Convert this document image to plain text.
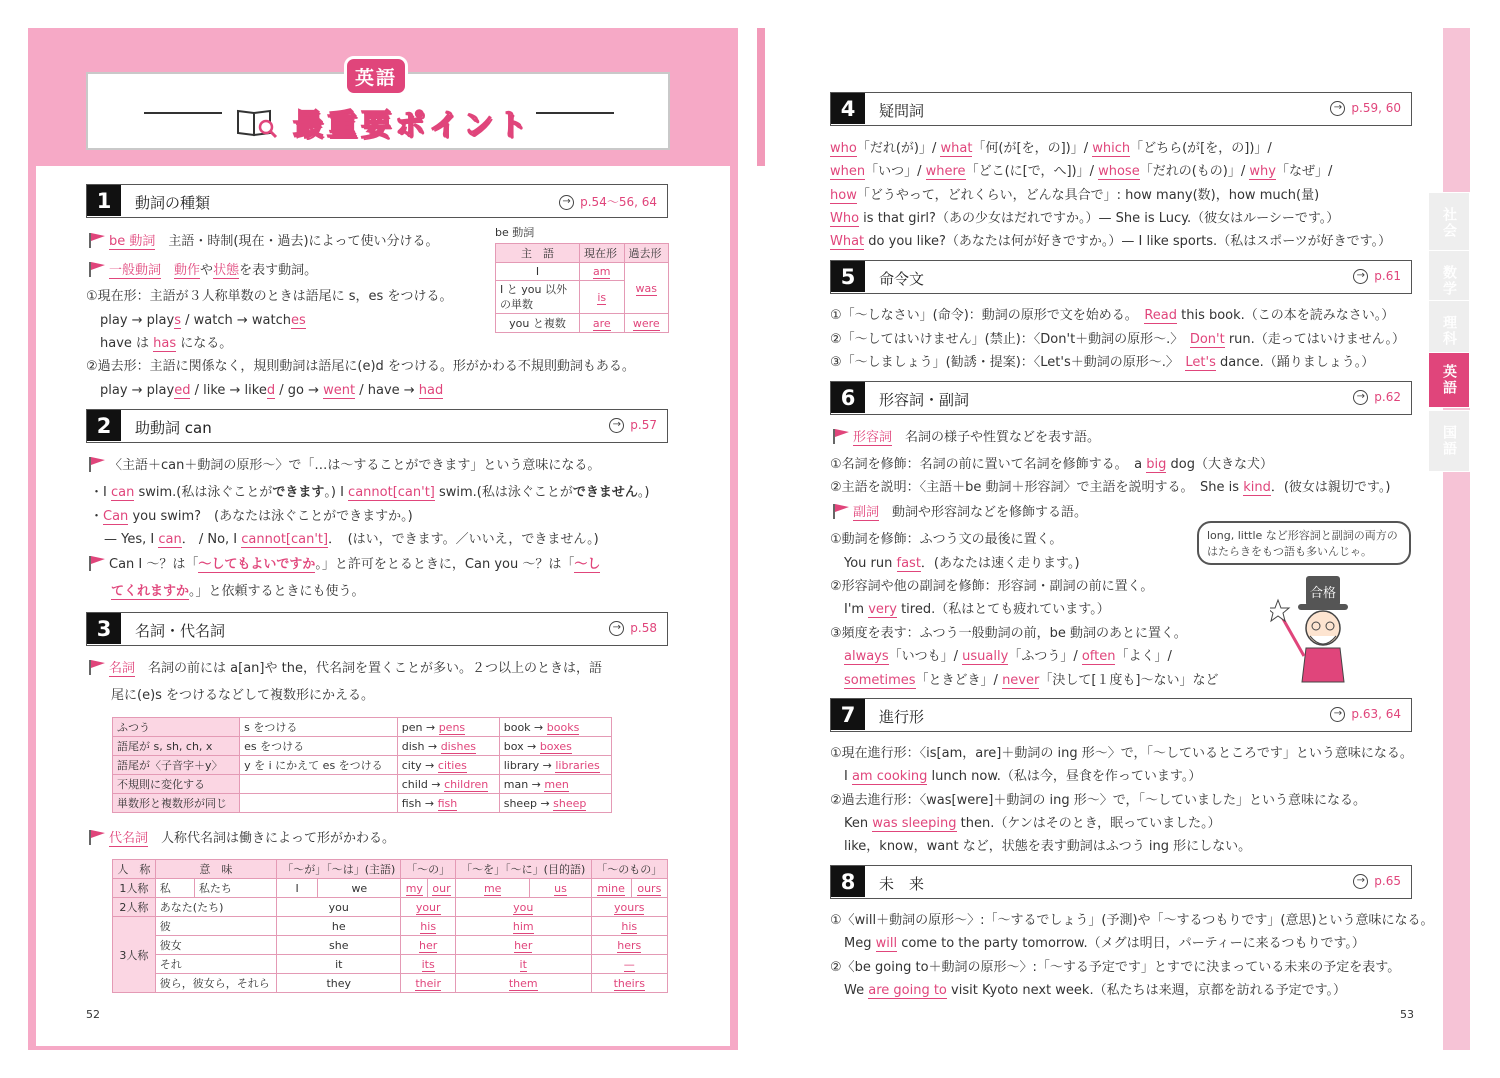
社会
数学
理科
英語
国語
最重要ポイント
英語
1	動詞の種類	→ p.54〜56, 64
be 動詞　 主語・時制(現在・過去)によって使い分ける。
一般動詞　 動作や状態を表す動詞。
①現在形：主語が３人称単数のときは語尾に s，es をつける。
play → plays / watch → watches
have は has になる。
②過去形：主語に関係なく，規則動詞は語尾に(e)d をつける。形がかわる不規則動詞もある。
play → played / like → liked / go → went / have → had
be 動詞
主　語	現在形	過去形
I	am	was
I と you 以外の単数	is	
you と複数	are	were
2	助動詞 can	→ p.57
〈主語＋can＋動詞の原形〜〉で「…は〜することができます」という意味になる。
・I can swim.(私は泳ぐことができます。) I cannot[can't] swim.(私は泳ぐことができません。)
・Can you swim?　(あなたは泳ぐことができますか。)
— Yes, I can． / No, I cannot[can't]．　(はい，できます。／いいえ，できません。)
Can I 〜？は「〜してもよいですか。」と許可をとるときに，Can you 〜？は「〜し
てくれますか。」と依頼するときにも使う。
3	名詞・代名詞	→ p.58
名詞　 名詞の前には a[an]や the，代名詞を置くことが多い。２つ以上のときは，語
尾に(e)s をつけるなどして複数形にかえる。
ふつう	s をつける	pen → pens	book → books
語尾が s, sh, ch, x	es をつける	dish → dishes	box → boxes
語尾が〈子音字＋y〉	y を i にかえて es をつける	city → cities	library → libraries
不規則に変化する		child → children	man → men
単数形と複数形が同じ		fish → fish	sheep → sheep
代名詞　 人称代名詞は働きによって形がかわる。
人　称	意　味		「〜が」「〜は」(主語)		「〜の」		「〜を」「〜に」(目的語)		「〜のもの」	
1人称	私	私たち	I	we	my	our	me	us	mine	ours
2人称	あなた(たち)		you		your		you		yours	
3人称	彼		he		his		him		his	
	彼女		she		her		her		hers	
	それ		it		its		it		—	
	彼ら，彼女ら，それら		they		their		them		theirs	
52	53
4	疑問詞	→ p.59, 60
who「だれ(が)」/ what「何(が[を，の])」/ which「どちら(が[を，の])」/
when「いつ」/ where「どこ(に[で，へ])」/ whose「だれの(もの)」/ why「なぜ」/
how「どうやって，どれくらい，どんな具合で」: how many(数)，how much(量)
Who is that girl?（あの少女はだれですか。）— She is Lucy.（彼女はルーシーです。）
What do you like?（あなたは何が好きですか。）— I like sports.（私はスポーツが好きです。）
5	命令文	→ p.61
①「〜しなさい」(命令)：動詞の原形で文を始める。　Read this book.（この本を読みなさい。）
②「〜してはいけません」(禁止)：〈Don't＋動詞の原形〜.〉　Don't run.（走ってはいけません。）
③「〜しましょう」(勧誘・提案)：〈Let's＋動詞の原形〜.〉　Let's dance.（踊りましょう。）
6	形容詞・副詞	→ p.62
形容詞　 名詞の様子や性質などを表す語。
①名詞を修飾：名詞の前に置いて名詞を修飾する。　a big dog（大きな犬）
②主語を説明：〈主語＋be 動詞＋形容詞〉で主語を説明する。　She is kind．(彼女は親切です。)
副詞　 動詞や形容詞などを修飾する語。
①動詞を修飾：ふつう文の最後に置く。
You run fast．(あなたは速く走ります。)
②形容詞や他の副詞を修飾：形容詞・副詞の前に置く。
I'm very tired.（私はとても疲れています。）
③頻度を表す：ふつう一般動詞の前，be 動詞のあとに置く。
always「いつも」/ usually「ふつう」/ often「よく」/
sometimes「ときどき」/ never「決して[１度も]〜ない」など
long, little など形容詞と副詞の両方のはたらきをもつ語も多いんじゃ。
合格
7	進行形	→ p.63, 64
①現在進行形：〈is[am，are]＋動詞の ing 形〜〉で，「〜しているところです」という意味になる。
I am cooking lunch now.（私は今，昼食を作っています。）
②過去進行形：〈was[were]＋動詞の ing 形〜〉で，「〜していました」という意味になる。
Ken was sleeping then.（ケンはそのとき，眠っていました。）
like，know，want など，状態を表す動詞はふつう ing 形にしない。
8	未　来	→ p.65
①〈will＋動詞の原形〜〉:「〜するでしょう」(予測)や「〜するつもりです」(意思)という意味になる。
Meg will come to the party tomorrow.（メグは明日，パーティーに来るつもりです。）
②〈be going to＋動詞の原形〜〉:「〜する予定です」とすでに決まっている未来の予定を表す。
We are going to visit Kyoto next week.（私たちは来週，京都を訪れる予定です。）
